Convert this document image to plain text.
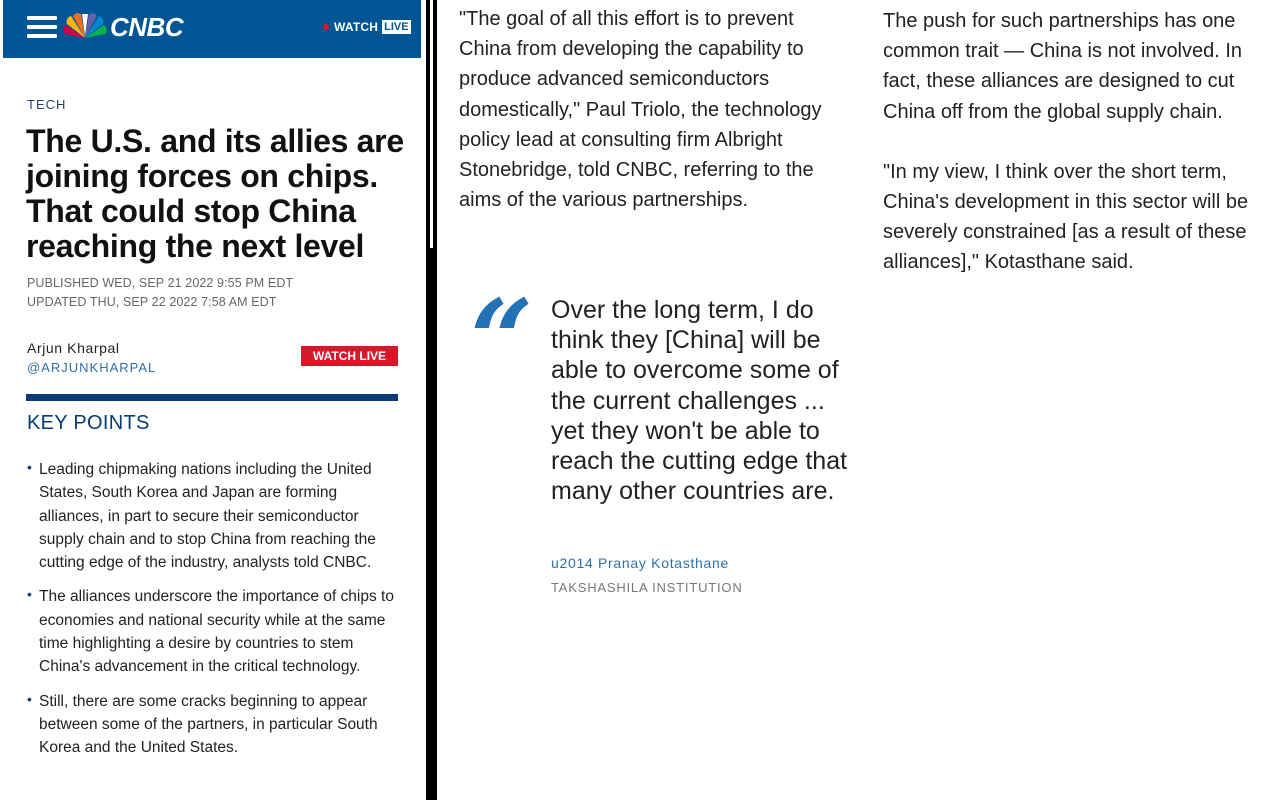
CNBC	WATCH LIVE
TECH
The U.S. and its allies are joining forces on chips. That could stop China reaching the next level
PUBLISHED WED, SEP 21 2022 9:55 PM EDT
UPDATED THU, SEP 22 2022 7:58 AM EDT
Arjun Kharpal
@ARJUNKHARPAL
WATCH LIVE
KEY POINTS
• Leading chipmaking nations including the United States, South Korea and Japan are forming alliances, in part to secure their semiconductor supply chain and to stop China from reaching the cutting edge of the industry, analysts told CNBC.
• The alliances underscore the importance of chips to economies and national security while at the same time highlighting a desire by countries to stem China's advancement in the critical technology.
• Still, there are some cracks beginning to appear between some of the partners, in particular South Korea and the United States.
"The goal of all this effort is to prevent China from developing the capability to produce advanced semiconductors domestically," Paul Triolo, the technology policy lead at consulting firm Albright Stonebridge, told CNBC, referring to the aims of the various partnerships.
“ Over the long term, I do think they [China] will be able to overcome some of the current challenges ... yet they won't be able to reach the cutting edge that many other countries are.
u2014 Pranay Kotasthane
TAKSHASHILA INSTITUTION

The push for such partnerships has one common trait — China is not involved. In fact, these alliances are designed to cut China off from the global supply chain.

"In my view, I think over the short term, China's development in this sector will be severely constrained [as a result of these alliances]," Kotasthane said.
